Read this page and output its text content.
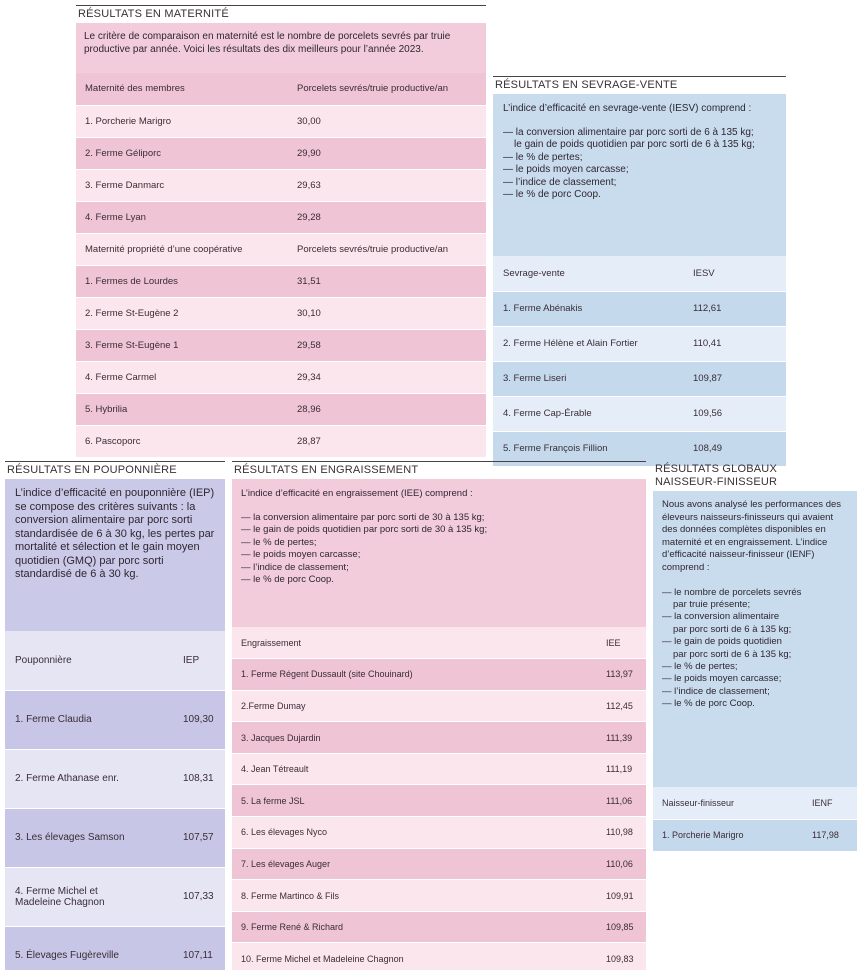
RÉSULTATS EN MATERNITÉ
Le critère de comparaison en maternité est le nombre de porcelets sevrés par truie productive par année. Voici les résultats des dix meilleurs pour l’année 2023.
Maternité des membres	Porcelets sevrés/truie productive/an
1. Porcherie Marigro	30,00
2. Ferme Géliporc	29,90
3. Ferme Danmarc	29,63
4. Ferme Lyan	29,28
Maternité propriété d’une coopérative	Porcelets sevrés/truie productive/an
1. Fermes de Lourdes	31,51
2. Ferme St-Eugène 2	30,10
3. Ferme St-Eugène 1	29,58
4. Ferme Carmel	29,34
5. Hybrilia	28,96
6. Pascoporc	28,87
RÉSULTATS EN SEVRAGE-VENTE

L’indice d’efficacité en sevrage-vente (IESV) comprend :

— la conversion alimentaire par porc sorti de 6 à 135 kg;
le gain de poids quotidien par porc sorti de 6 à 135 kg;
— le % de pertes;
— le poids moyen carcasse;
— l’indice de classement;
— le % de porc Coop.
Sevrage-vente	IESV
1. Ferme Abénakis	112,61
2. Ferme Hélène et Alain Fortier	110,41
3. Ferme Liseri	109,87
4. Ferme Cap-Érable	109,56
5. Ferme François Fillion	108,49
RÉSULTATS EN POUPONNIÈRE
L’indice d’efficacité en pouponnière (IEP) se compose des critères suivants : la conversion alimentaire par porc sorti standardisée de 6 à 30 kg, les pertes par mortalité et sélection et le gain moyen quotidien (GMQ) par porc sorti standardisé de 6 à 30 kg.
Pouponnière	IEP
1. Ferme Claudia	109,30
2. Ferme Athanase enr.	108,31
3. Les élevages Samson	107,57
4. Ferme Michel et Madeleine Chagnon	107,33
5. Élevages Fugèreville	107,11
RÉSULTATS EN ENGRAISSEMENT

L’indice d’efficacité en engraissement (IEE) comprend :

— la conversion alimentaire par porc sorti de 30 à 135 kg;
— le gain de poids quotidien par porc sorti de 30 à 135 kg;
— le % de pertes;
— le poids moyen carcasse;
— l’indice de classement;
— le % de porc Coop.
Engraissement	IEE
1. Ferme Régent Dussault (site Chouinard)	113,97
2.Ferme Dumay	112,45
3. Jacques Dujardin	111,39
4. Jean Tétreault	111,19
5. La ferme JSL	111,06
6. Les élevages Nyco	110,98
7. Les élevages Auger	110,06
8. Ferme Martinco & Fils	109,91
9. Ferme René & Richard	109,85
10. Ferme Michel et Madeleine Chagnon	109,83
RÉSULTATS GLOBAUX
NAISSEUR-FINISSEUR

Nous avons analysé les performances des éleveurs naisseurs-finisseurs qui avaient des données complètes disponibles en maternité et en engraissement. L’indice d’efficacité naisseur-finisseur (IENF) comprend :

— le nombre de porcelets sevrés
par truie présente;
— la conversion alimentaire
par porc sorti de 6 à 135 kg;
— le gain de poids quotidien
par porc sorti de 6 à 135 kg;
— le % de pertes;
— le poids moyen carcasse;
— l’indice de classement;
— le % de porc Coop.
Naisseur-finisseur	IENF
1. Porcherie Marigro	117,98
